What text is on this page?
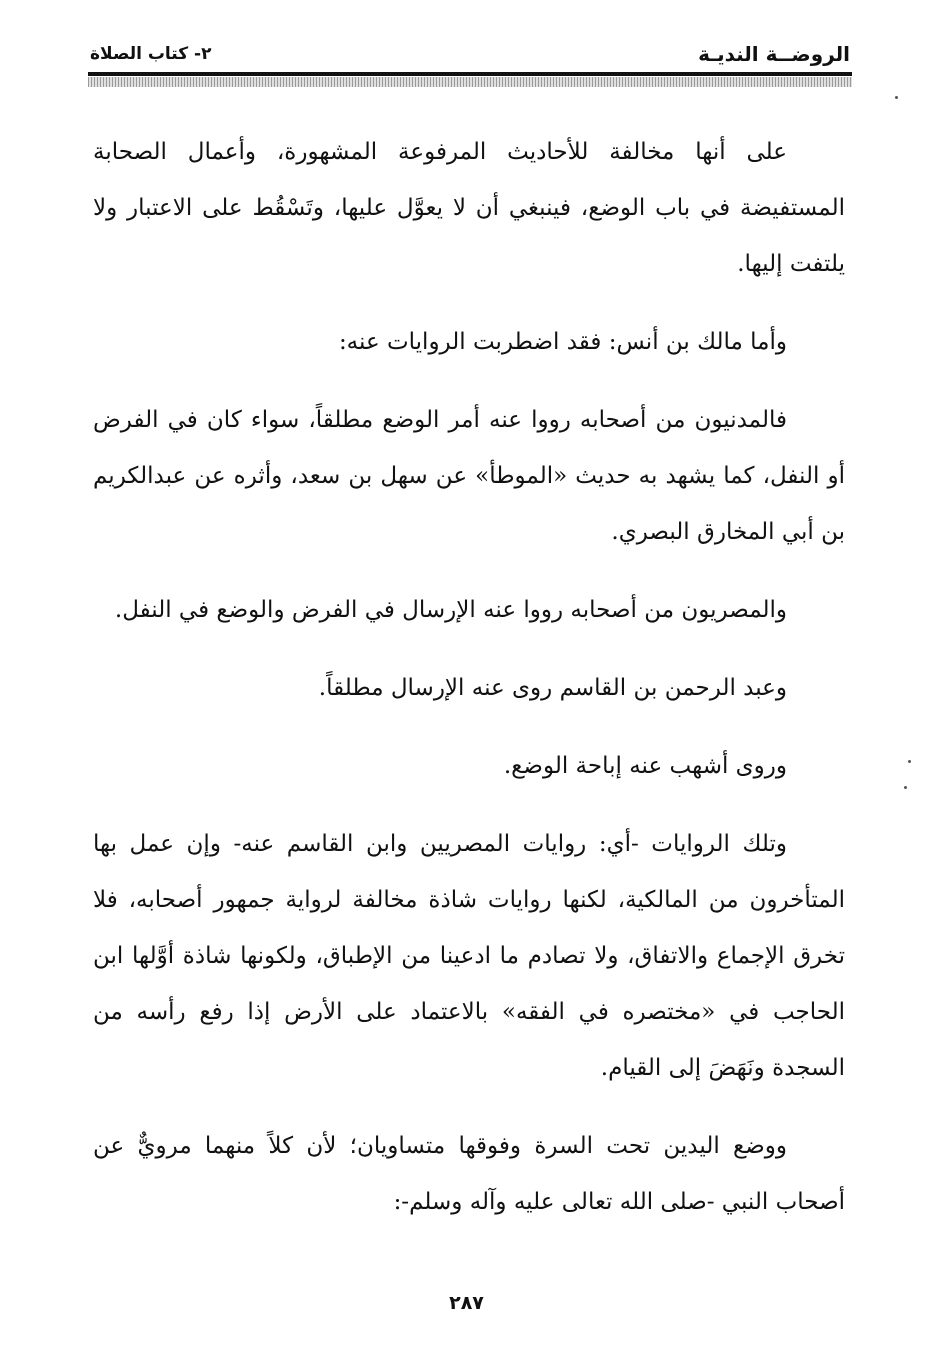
الروضــة النديـة
٢- كتاب الصلاة

على أنها مخالفة للأحاديث المرفوعة المشهورة، وأعمال الصحابة المستفيضة في باب الوضع، فينبغي أن لا يعوَّل عليها، وتَسْقُط على الاعتبار ولا يلتفت إليها.

وأما مالك بن أنس: فقد اضطربت الروايات عنه:

فالمدنيون من أصحابه رووا عنه أمر الوضع مطلقاً، سواء كان في الفرض أو النفل، كما يشهد به حديث «الموطأ» عن سهل بن سعد، وأثره عن عبدالكريم بن أبي المخارق البصري.

والمصريون من أصحابه رووا عنه الإرسال في الفرض والوضع في النفل.

وعبد الرحمن بن القاسم روى عنه الإرسال مطلقاً.

وروى أشهب عنه إباحة الوضع.

وتلك الروايات -أي: روايات المصريين وابن القاسم عنه- وإن عمل بها المتأخرون من المالكية، لكنها روايات شاذة مخالفة لرواية جمهور أصحابه، فلا تخرق الإجماع والاتفاق، ولا تصادم ما ادعينا من الإطباق، ولكونها شاذة أوَّلها ابن الحاجب في «مختصره في الفقه» بالاعتماد على الأرض إذا رفع رأسه من السجدة ونَهَضَ إلى القيام.

ووضع اليدين تحت السرة وفوقها متساويان؛ لأن كلاً منهما مرويٌّ عن أصحاب النبي -صلى الله تعالى عليه وآله وسلم-:

٢٨٧
